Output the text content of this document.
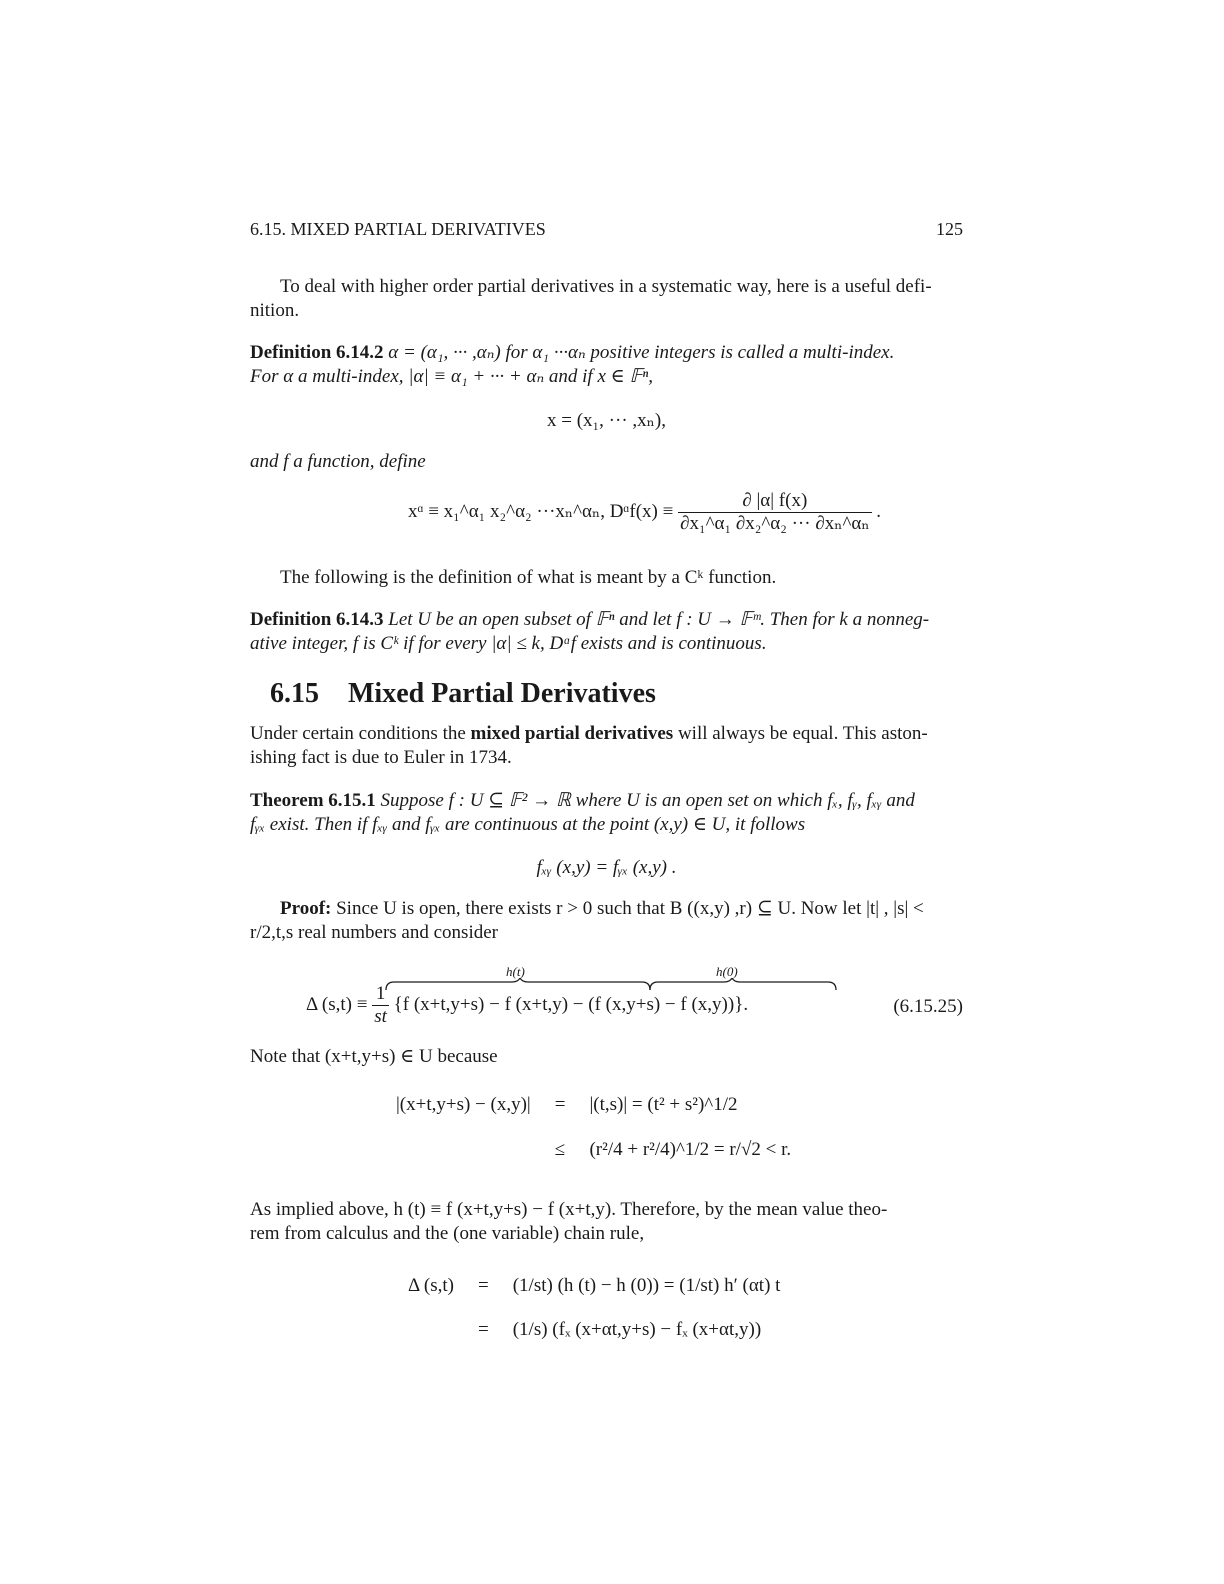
6.15. MIXED PARTIAL DERIVATIVES	125
To deal with higher order partial derivatives in a systematic way, here is a useful defi-
nition.
Definition 6.14.2 α = (α₁, ··· ,αₙ) for α₁ ···αₙ positive integers is called a multi-index.
For α a multi-index, |α| ≡ α₁ + ··· + αₙ and if x ∈ 𝔽ⁿ,
x = (x₁, ··· ,xₙ),
and f a function, define
xᵅ ≡ x₁^α₁ x₂^α₂ ···xₙ^αₙ, Dᵅf(x) ≡ $\frac{\partial |\alpha| f(x)}{\text{∂x₁\textasciicircum{}α₁ ∂x₂\textasciicircum{}α₂ ··· ∂xₙ\textasciicircum{}αₙ}}$ .
The following is the definition of what is meant by a Cᵏ function.
Definition 6.14.3 Let U be an open subset of 𝔽ⁿ and let f : U → 𝔽ᵐ. Then for k a nonneg-
ative integer, f is Cᵏ if for every |α| ≤ k, Dᵅf exists and is continuous.
6.15 Mixed Partial Derivatives
Under certain conditions the mixed partial derivatives will always be equal. This aston-
ishing fact is due to Euler in 1734.
Theorem 6.15.1 Suppose f : U ⊆ 𝔽² → ℝ where U is an open set on which fₓ, fᵧ, fₓᵧ and
fᵧₓ exist. Then if fₓᵧ and fᵧₓ are continuous at the point (x,y) ∈ U, it follows
fₓᵧ (x,y) = fᵧₓ (x,y) .
Proof: Since U is open, there exists r > 0 such that B ((x,y) ,r) ⊆ U. Now let |t| , |s| <
r/2,t,s real numbers and consider
h(t)	h(0)
Δ $(s,t) \equiv \frac{1}{st} \{f$ (x+t,y+s) − f (x+t,y) − (f (x,y+s) − f (x,y))}.	(6.15.25)
Note that (x+t,y+s) ∈ U because
|(x+t,y+s) − (x,y)|	=	|(t,s)| = (t² + s²)^1/2
	≤	(r²/4 + r²/4)^1/2 = r/√2 < r.
As implied above, h (t) ≡ f (x+t,y+s) − f (x+t,y). Therefore, by the mean value theo-
rem from calculus and the (one variable) chain rule,
Δ (s,t)	=	(1/st) (h (t) − h (0)) = (1/st) h′ (αt) t
	=	(1/s) (fₓ (x+αt,y+s) − fₓ (x+αt,y))
